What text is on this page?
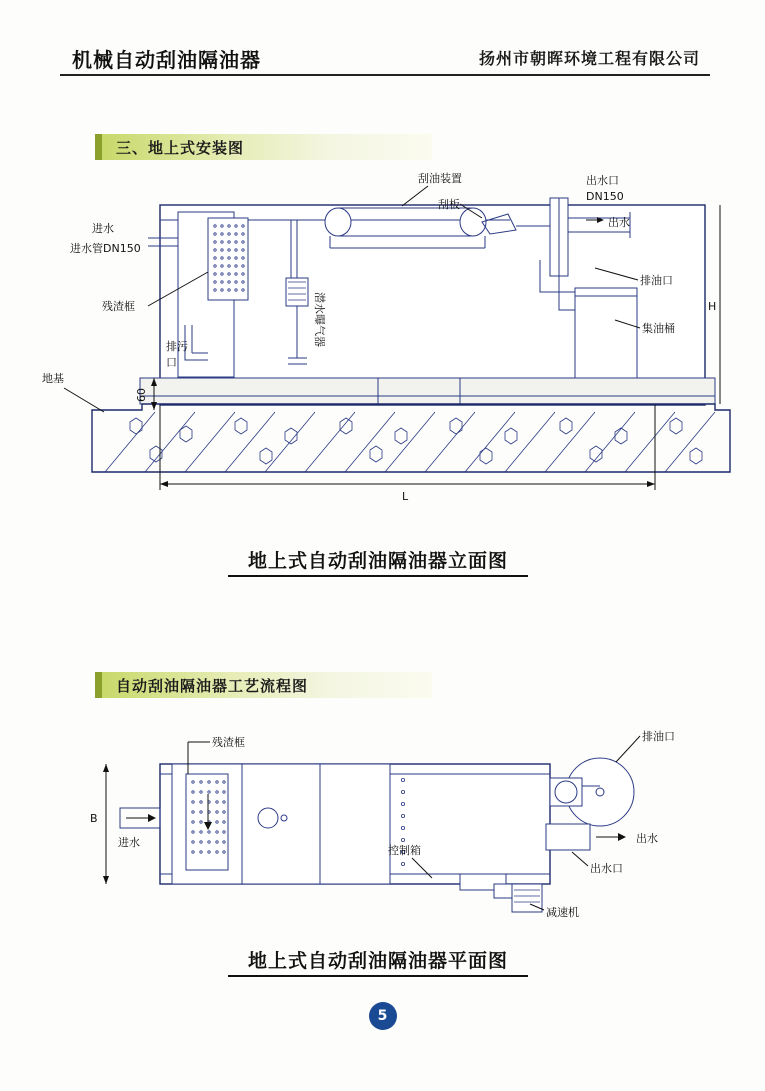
机械自动刮油隔油器	扬州市朝晖环境工程有限公司
三、地上式安装图
L
60
H
进水
进水管DN150
残渣框
排污
口
潜水曝气器
刮油装置
刮板
出水口
DN150
出水
排油口
集油桶
地基
地上式自动刮油隔油器立面图
自动刮油隔油器工艺流程图
B
残渣框
进水
控制箱
减速机
排油口
出水
出水口
地上式自动刮油隔油器平面图
5
